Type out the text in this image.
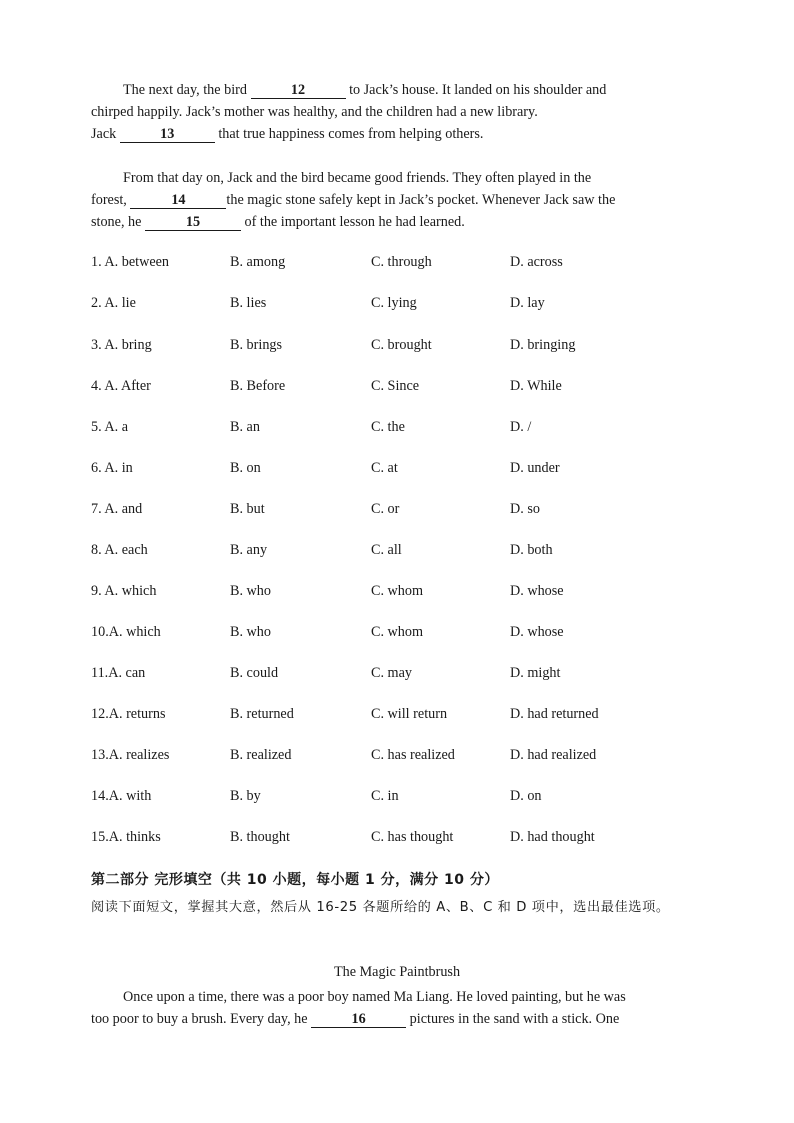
The next day, the bird	12	to Jack’s house. It landed on his shoulder and

chirped happily. Jack’s mother was healthy, and the children had a new library.

Jack	13	that true happiness comes from helping others.

From that day on, Jack and the bird became good friends. They often played in the

forest,	14	the magic stone safely kept in Jack’s pocket. Whenever Jack saw the

stone, he	15	of the important lesson he had learned.

1. A. between	B. among	C. through	D. across
2. A. lie	B. lies	C. lying	D. lay
3. A. bring	B. brings	C. brought	D. bringing
4. A. After	B. Before	C. Since	D. While
5. A. a	B. an	C. the	D. /
6. A. in	B. on	C. at	D. under
7. A. and	B. but	C. or	D. so
8. A. each	B. any	C. all	D. both
9. A. which	B. who	C. whom	D. whose
10.A. which	B. who	C. whom	D. whose
11.A. can	B. could	C. may	D. might
12.A. returns	B. returned	C. will return	D. had returned
13.A. realizes	B. realized	C. has realized	D. had realized
14.A. with	B. by	C. in	D. on
15.A. thinks	B. thought	C. has thought	D. had thought
第二部分 完形填空（共 10 小题，每小题 1 分，满分 10 分）
阅读下面短文，掌握其大意，然后从 16-25 各题所给的 A、B、C 和 D 项中，选出最佳选项。
The Magic Paintbrush

Once upon a time, there was a poor boy named Ma Liang. He loved painting, but he was

too poor to buy a brush. Every day, he	16	pictures in the sand with a stick. One
